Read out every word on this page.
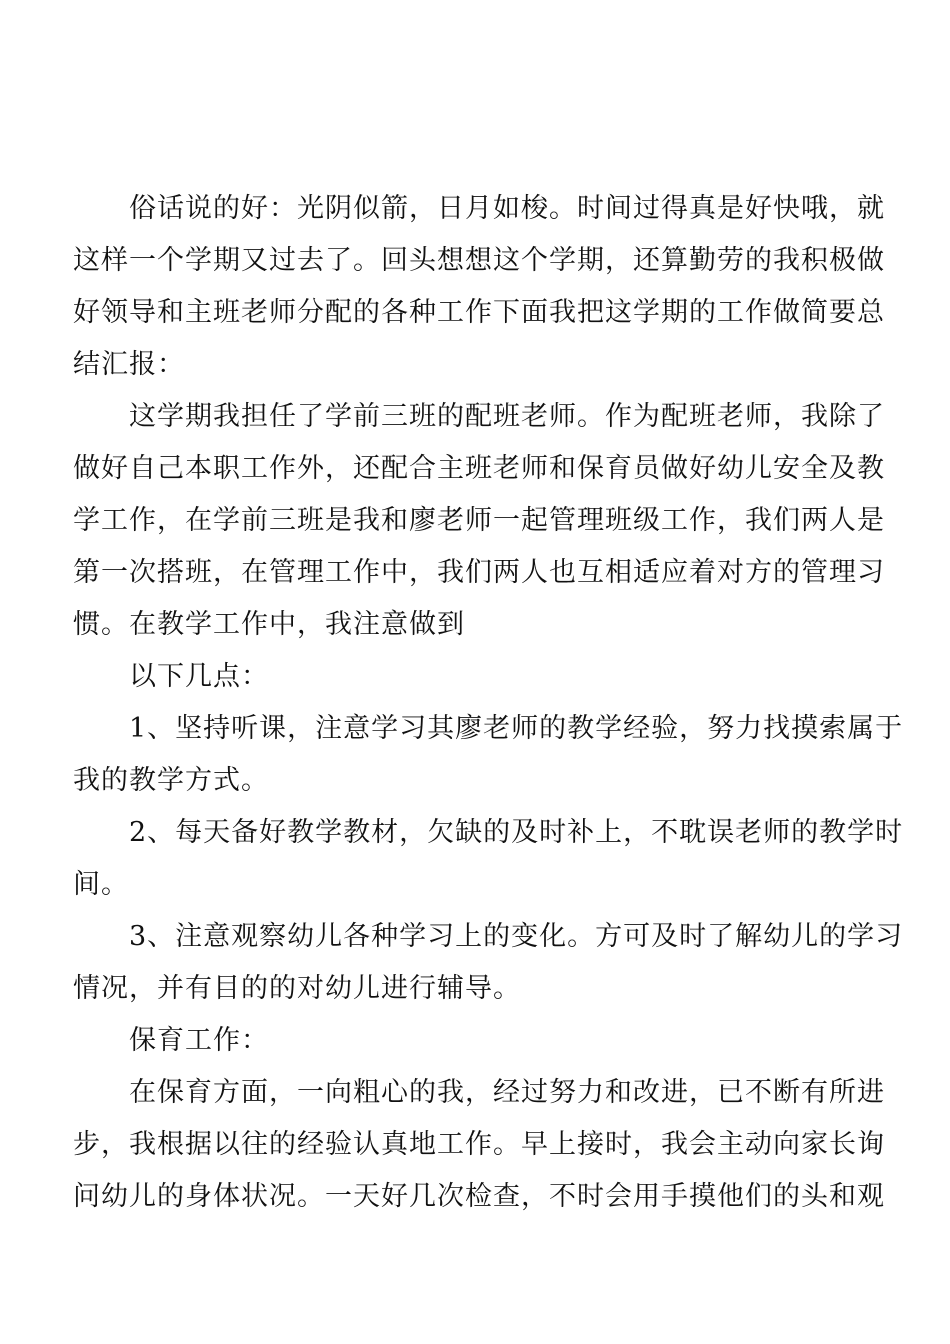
俗话说的好：光阴似箭，日月如梭。时间过得真是好快哦，就
这样一个学期又过去了。回头想想这个学期，还算勤劳的我积极做
好领导和主班老师分配的各种工作下面我把这学期的工作做简要总
结汇报：
这学期我担任了学前三班的配班老师。作为配班老师，我除了
做好自己本职工作外，还配合主班老师和保育员做好幼儿安全及教
学工作，在学前三班是我和廖老师一起管理班级工作，我们两人是
第一次搭班，在管理工作中，我们两人也互相适应着对方的管理习
惯。在教学工作中，我注意做到
以下几点：
1、坚持听课，注意学习其廖老师的教学经验，努力找摸索属于
我的教学方式。
2、每天备好教学教材，欠缺的及时补上，不耽误老师的教学时
间。
3、注意观察幼儿各种学习上的变化。方可及时了解幼儿的学习
情况，并有目的的对幼儿进行辅导。
保育工作：
在保育方面，一向粗心的我，经过努力和改进，已不断有所进
步，我根据以往的经验认真地工作。早上接时，我会主动向家长询
问幼儿的身体状况。一天好几次检查，不时会用手摸他们的头和观
